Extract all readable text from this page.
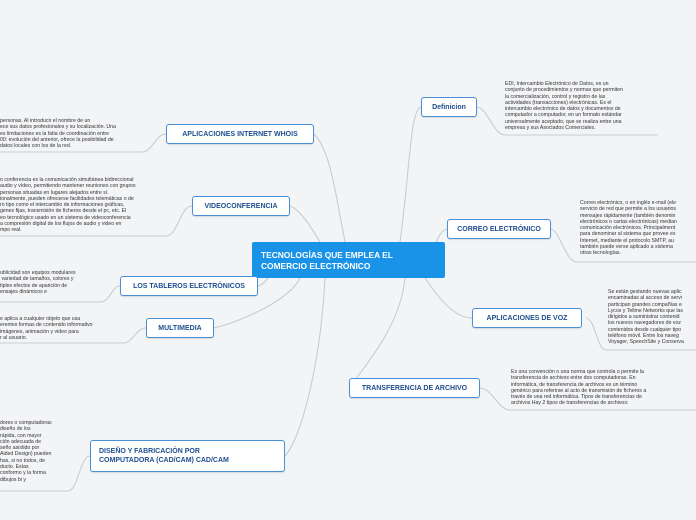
TECNOLOGÍAS QUE EMPLEA EL
COMERCIO ELECTRÓNICO
Definicion
CORREO ELECTRÓNICO
APLICACIONES DE VOZ
TRANSFERENCIA DE ARCHIVO
APLICACIONES INTERNET WHOIS
VIDEOCONFERENCIA
LOS TABLEROS ELECTRÓNICOS
MULTIMEDIA
DISEÑO Y FABRICACIÓN POR
COMPUTADORA (CAD/CAM) CAD/CAM
EDI, Intercambio Electrónico de Datos, es un
conjunto de procedimientos y normas que permiten
la comercialización, control y registro de las
actividades (transacciones) electrónicas. Es el
intercambio electrónico de datos y documentos de
computador a computador, en un formato estándar
universalmente aceptado, que se realiza entre una
empresa y sus Asociados Comerciales.
Correo electrónico, o en inglés e-mail (ele
servicio de red que permite a los usuarios
mensajes rápidamente (también denomin
electrónicos o cartas electrónicas) median
comunicación electrónicos. Principalment
para denominar al sistema que provee es
Internet, mediante el protocolo SMTP, au
también puede verse aplicado a sistema
otras tecnologías.
Se están gestando nuevas aplic
encaminadas al acceso de servi
participan grandes compañías e
Lycos y Tellme Networks que las
dirigidos a suministrar contenid
los nuevos navegadores de voz
contenidos desde cualquier tipo
teléfono móvil. Entre los naveg
Voyager, SpeechSite y Conserva
Es una convención o una norma que controla o permite la
transferencia de archivos entre dos computadoras. En
informática, de transferencia de archivos es un término
genérico para referirse al acto de transmisión de ficheros a
través de una red informática. Tipos de transferencias de
archivos Hay 2 tipos de transferencias de archivos:
personas. Al introducir el nombre de un
ece sus datos profesionales y su localización. Una
es limitaciones es la falta de coordinación entre
00: evolución del anterior, ofrece la posibilidad de
datos locales con los de la red.
o conferencia es la comunicación simultánea bidireccional
audio y vídeo, permitiendo mantener reuniones con grupos
personas situadas en lugares alejados entre sí.
ionalmente, pueden ofrecerse facilidades telemáticas o de
ro tipo como el intercambio de informaciones gráficas,
genes fijas, transmisión de ficheros desde el pc, etc. El
eo tecnológico usado en un sistema de videoconferencia
a compresión digital de los flujos de audio y video en
mpo real.
ublicidad son equipos modulares
variedad de tamaños, colores y
tiples efectos de aparición de
ensajes dinámicos e
e aplica a cualquier objeto que usa
erentes formas de contenido informativo
imágenes, animación y video para
r al usuario.
dores o computadoras
diseño de los
rápida, con mayor
ción adecuada de
seño asistido por
Aided Design) pueden
has, si no todos, de
ducto. Estas
conformo y la forma
dibujos bi y
